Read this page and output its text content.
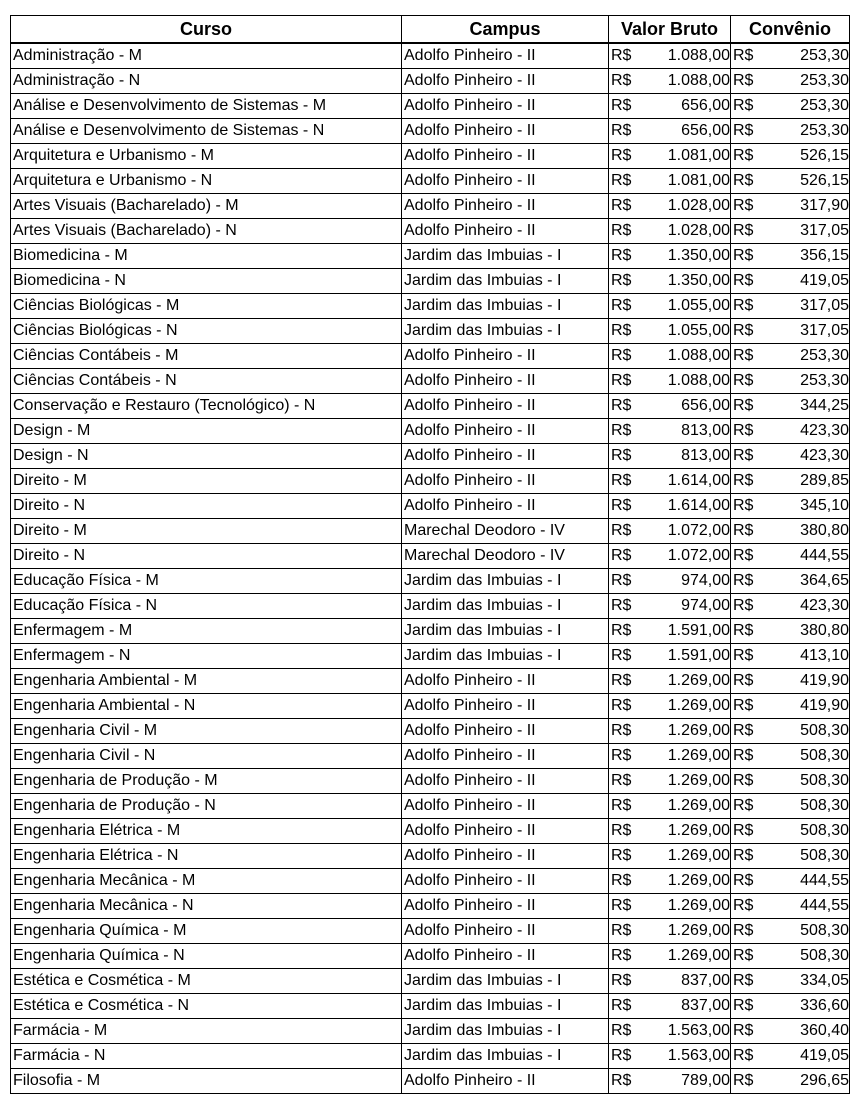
Curso	Campus	Valor Bruto	Convênio
Administração - M	Adolfo Pinheiro - II	R$ 1.088,00	R$ 253,30

Administração - N	Adolfo Pinheiro - II	R$ 1.088,00	R$ 253,30

Análise e Desenvolvimento de Sistemas - M	Adolfo Pinheiro - II	R$ 656,00	R$ 253,30

Análise e Desenvolvimento de Sistemas - N	Adolfo Pinheiro - II	R$ 656,00	R$ 253,30

Arquitetura e Urbanismo - M	Adolfo Pinheiro - II	R$ 1.081,00	R$ 526,15

Arquitetura e Urbanismo - N	Adolfo Pinheiro - II	R$ 1.081,00	R$ 526,15

Artes Visuais (Bacharelado) - M	Adolfo Pinheiro - II	R$ 1.028,00	R$ 317,90

Artes Visuais (Bacharelado) - N	Adolfo Pinheiro - II	R$ 1.028,00	R$ 317,05

Biomedicina - M	Jardim das Imbuias - I	R$ 1.350,00	R$ 356,15

Biomedicina - N	Jardim das Imbuias - I	R$ 1.350,00	R$ 419,05

Ciências Biológicas - M	Jardim das Imbuias - I	R$ 1.055,00	R$ 317,05

Ciências Biológicas - N	Jardim das Imbuias - I	R$ 1.055,00	R$ 317,05

Ciências Contábeis - M	Adolfo Pinheiro - II	R$ 1.088,00	R$ 253,30

Ciências Contábeis - N	Adolfo Pinheiro - II	R$ 1.088,00	R$ 253,30

Conservação e Restauro (Tecnológico) - N	Adolfo Pinheiro - II	R$ 656,00	R$ 344,25

Design - M	Adolfo Pinheiro - II	R$ 813,00	R$ 423,30

Design - N	Adolfo Pinheiro - II	R$ 813,00	R$ 423,30

Direito - M	Adolfo Pinheiro - II	R$ 1.614,00	R$ 289,85

Direito - N	Adolfo Pinheiro - II	R$ 1.614,00	R$ 345,10

Direito - M	Marechal Deodoro - IV	R$ 1.072,00	R$ 380,80

Direito - N	Marechal Deodoro - IV	R$ 1.072,00	R$ 444,55

Educação Física - M	Jardim das Imbuias - I	R$ 974,00	R$ 364,65

Educação Física - N	Jardim das Imbuias - I	R$ 974,00	R$ 423,30

Enfermagem - M	Jardim das Imbuias - I	R$ 1.591,00	R$ 380,80

Enfermagem - N	Jardim das Imbuias - I	R$ 1.591,00	R$ 413,10

Engenharia Ambiental - M	Adolfo Pinheiro - II	R$ 1.269,00	R$ 419,90

Engenharia Ambiental - N	Adolfo Pinheiro - II	R$ 1.269,00	R$ 419,90

Engenharia Civil - M	Adolfo Pinheiro - II	R$ 1.269,00	R$ 508,30

Engenharia Civil - N	Adolfo Pinheiro - II	R$ 1.269,00	R$ 508,30

Engenharia de Produção - M	Adolfo Pinheiro - II	R$ 1.269,00	R$ 508,30

Engenharia de Produção - N	Adolfo Pinheiro - II	R$ 1.269,00	R$ 508,30

Engenharia Elétrica - M	Adolfo Pinheiro - II	R$ 1.269,00	R$ 508,30

Engenharia Elétrica - N	Adolfo Pinheiro - II	R$ 1.269,00	R$ 508,30

Engenharia Mecânica - M	Adolfo Pinheiro - II	R$ 1.269,00	R$ 444,55

Engenharia Mecânica - N	Adolfo Pinheiro - II	R$ 1.269,00	R$ 444,55

Engenharia Química - M	Adolfo Pinheiro - II	R$ 1.269,00	R$ 508,30

Engenharia Química - N	Adolfo Pinheiro - II	R$ 1.269,00	R$ 508,30

Estética e Cosmética - M	Jardim das Imbuias - I	R$ 837,00	R$ 334,05

Estética e Cosmética - N	Jardim das Imbuias - I	R$ 837,00	R$ 336,60

Farmácia - M	Jardim das Imbuias - I	R$ 1.563,00	R$ 360,40

Farmácia - N	Jardim das Imbuias - I	R$ 1.563,00	R$ 419,05

Filosofia - M	Adolfo Pinheiro - II	R$ 789,00	R$ 296,65
